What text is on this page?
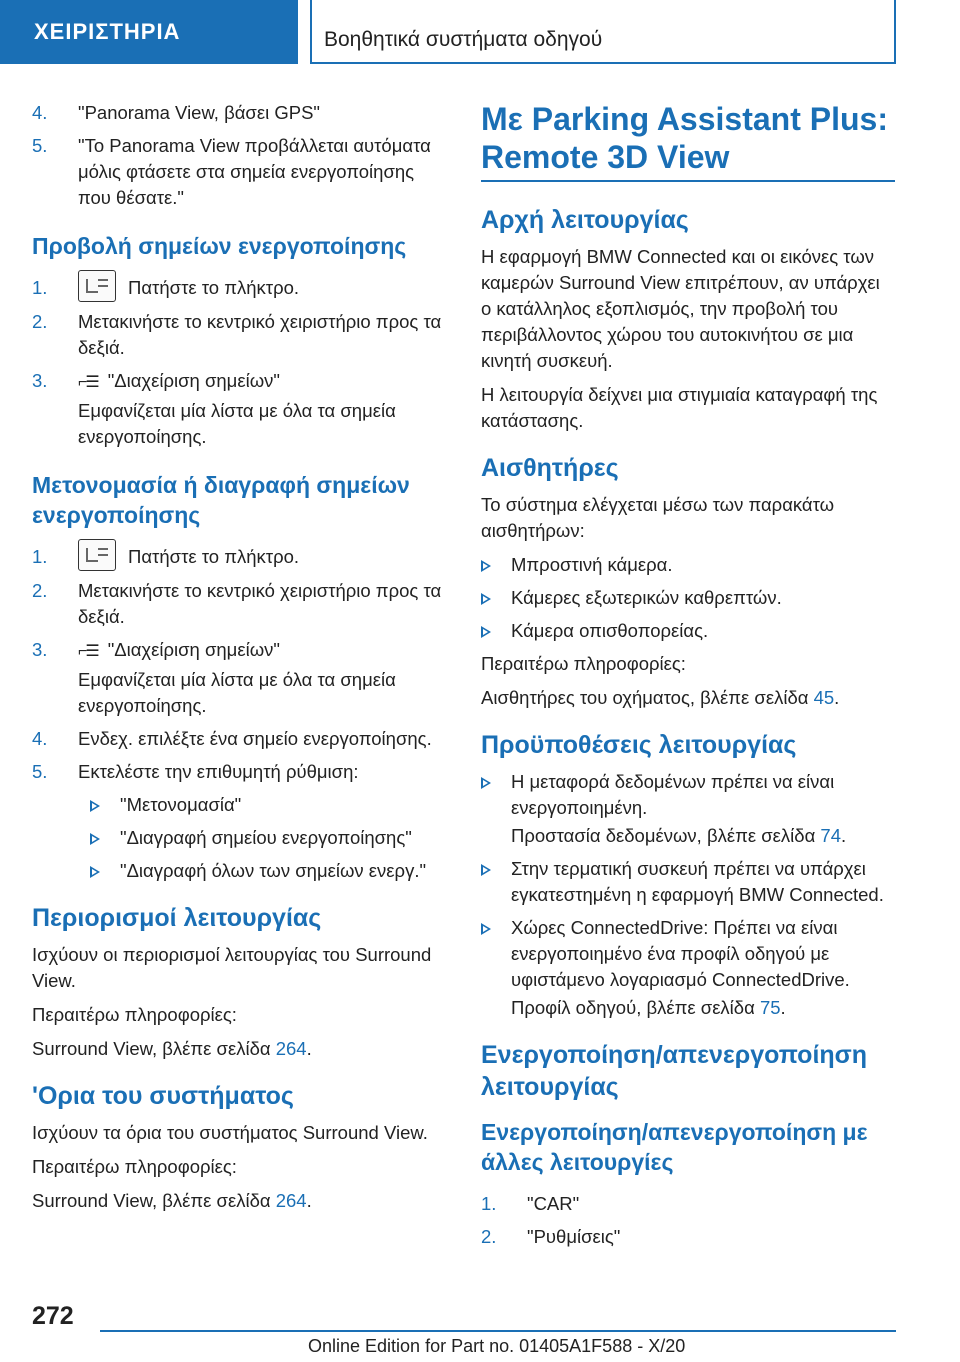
ΧΕΙΡΙΣΤΗΡΙΑ	Βοηθητικά συστήματα οδηγού
4. "Panorama View, βάσει GPS"
5. "Το Panorama View προβάλλεται αυτόματα μόλις φτάσετε στα σημεία ενεργοποίησης που θέσατε."
Προβολή σημείων ενεργοποίησης
1.	Πατήστε το πλήκτρο.
2. Μετακινήστε το κεντρικό χειριστήριο προς τα δεξιά.
3. ⌐☰ "Διαχείριση σημείων"
Εμφανίζεται μία λίστα με όλα τα σημεία ενεργοποίησης.
Μετονομασία ή διαγραφή σημείων ενεργοποίησης
1.	Πατήστε το πλήκτρο.
2. Μετακινήστε το κεντρικό χειριστήριο προς τα δεξιά.
3. ⌐☰ "Διαχείριση σημείων"
Εμφανίζεται μία λίστα με όλα τα σημεία ενεργοποίησης.
4. Ενδεχ. επιλέξτε ένα σημείο ενεργοποίησης.
5. Εκτελέστε την επιθυμητή ρύθμιση:
"Μετονομασία"
"Διαγραφή σημείου ενεργοποίησης"
"Διαγραφή όλων των σημείων ενεργ."
Περιορισμοί λειτουργίας
Ισχύουν οι περιορισμοί λειτουργίας του Surround View.
Περαιτέρω πληροφορίες:
Surround View, βλέπε σελίδα 264.
'Ορια του συστήματος
Ισχύουν τα όρια του συστήματος Surround View.
Περαιτέρω πληροφορίες:
Surround View, βλέπε σελίδα 264.
Με Parking Assistant Plus: Remote 3D View
Αρχή λειτουργίας
Η εφαρμογή BMW Connected και οι εικόνες των καμερών Surround View επιτρέπουν, αν υπάρχει ο κατάλληλος εξοπλισμός, την προβολή του περιβάλλοντος χώρου του αυτοκινήτου σε μια κινητή συσκευή.
Η λειτουργία δείχνει μια στιγμιαία καταγραφή της κατάστασης.
Αισθητήρες
Το σύστημα ελέγχεται μέσω των παρακάτω αισθητήρων:
Μπροστινή κάμερα.
Κάμερες εξωτερικών καθρεπτών.
Κάμερα οπισθοπορείας.
Περαιτέρω πληροφορίες:
Αισθητήρες του οχήματος, βλέπε σελίδα 45.
Προϋποθέσεις λειτουργίας
Η μεταφορά δεδομένων πρέπει να είναι ενεργοποιημένη.
Προστασία δεδομένων, βλέπε σελίδα 74.
Στην τερματική συσκευή πρέπει να υπάρχει εγκατεστημένη η εφαρμογή BMW Connected.
Χώρες ConnectedDrive: Πρέπει να είναι ενεργοποιημένο ένα προφίλ οδηγού με υφιστάμενο λογαριασμό ConnectedDrive.
Προφίλ οδηγού, βλέπε σελίδα 75.
Ενεργοποίηση/απενεργοποίηση λειτουργίας
Ενεργοποίηση/απενεργοποίηση με άλλες λειτουργίες
1. "CAR"
2. "Ρυθμίσεις"
272
Online Edition for Part no. 01405A1F588 - X/20
